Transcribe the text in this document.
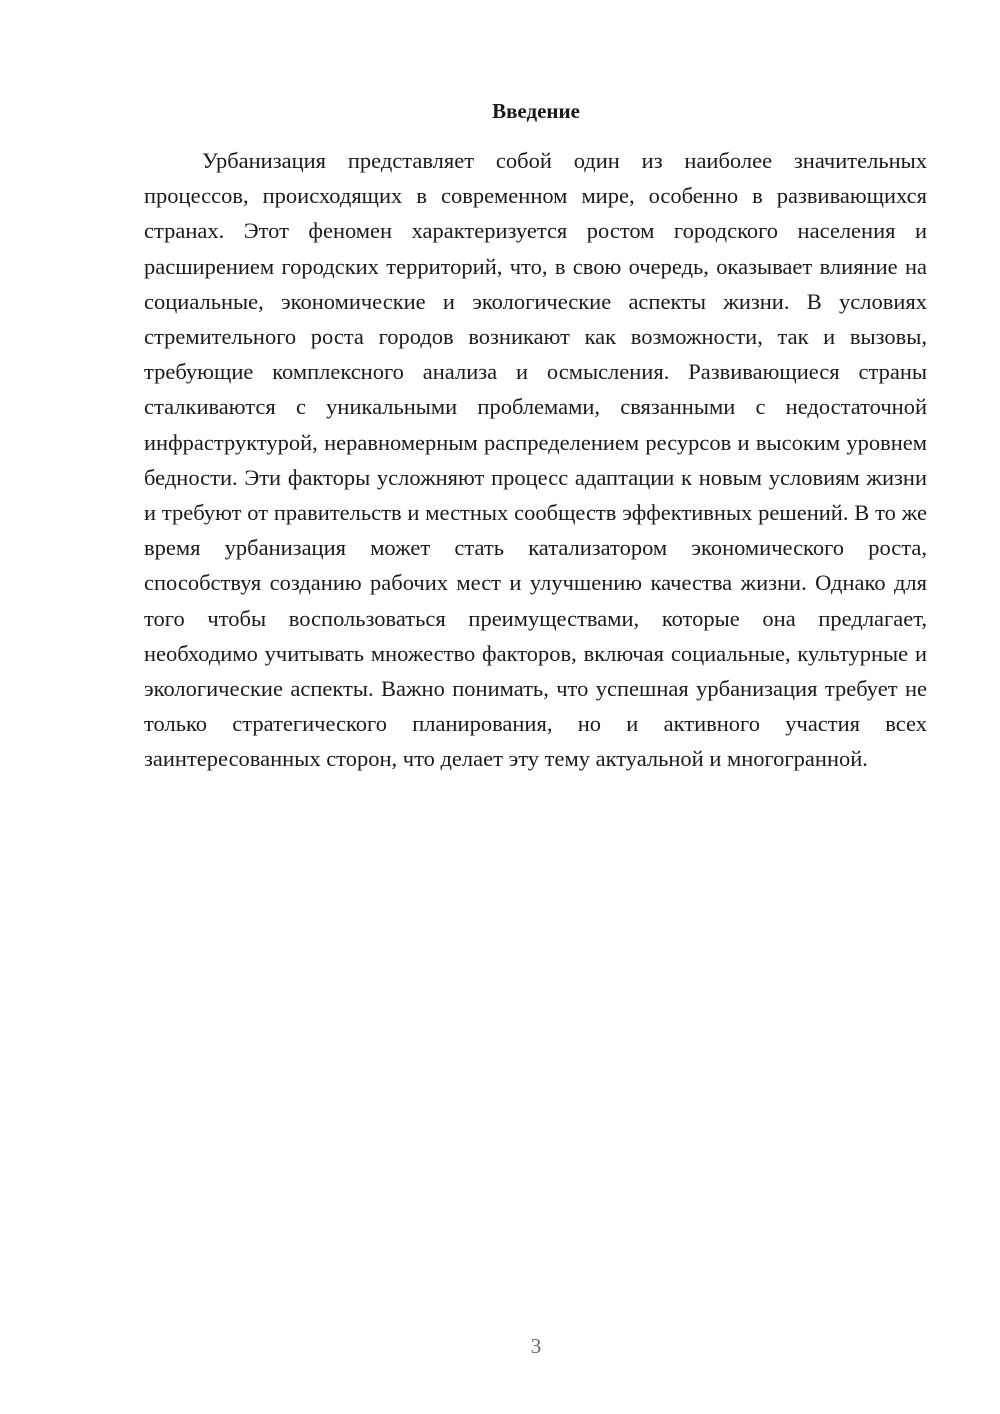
Введение

Урбанизация представляет собой один из наиболее значительных процессов, происходящих в современном мире, особенно в развивающихся странах. Этот феномен характеризуется ростом городского населения и расширением городских территорий, что, в свою очередь, оказывает влияние на социальные, экономические и экологические аспекты жизни. В условиях стремительного роста городов возникают как возможности, так и вызовы, требующие комплексного анализа и осмысления. Развивающиеся страны сталкиваются с уникальными проблемами, связанными с недостаточной инфраструктурой, неравномерным распределением ресурсов и высоким уровнем бедности. Эти факторы усложняют процесс адаптации к новым условиям жизни и требуют от правительств и местных сообществ эффективных решений. В то же время урбанизация может стать катализатором экономического роста, способствуя созданию рабочих мест и улучшению качества жизни. Однако для того чтобы воспользоваться преимуществами, которые она предлагает, необходимо учитывать множество факторов, включая социальные, культурные и экологические аспекты. Важно понимать, что успешная урбанизация требует не только стратегического планирования, но и активного участия всех заинтересованных сторон, что делает эту тему актуальной и многогранной.

3
